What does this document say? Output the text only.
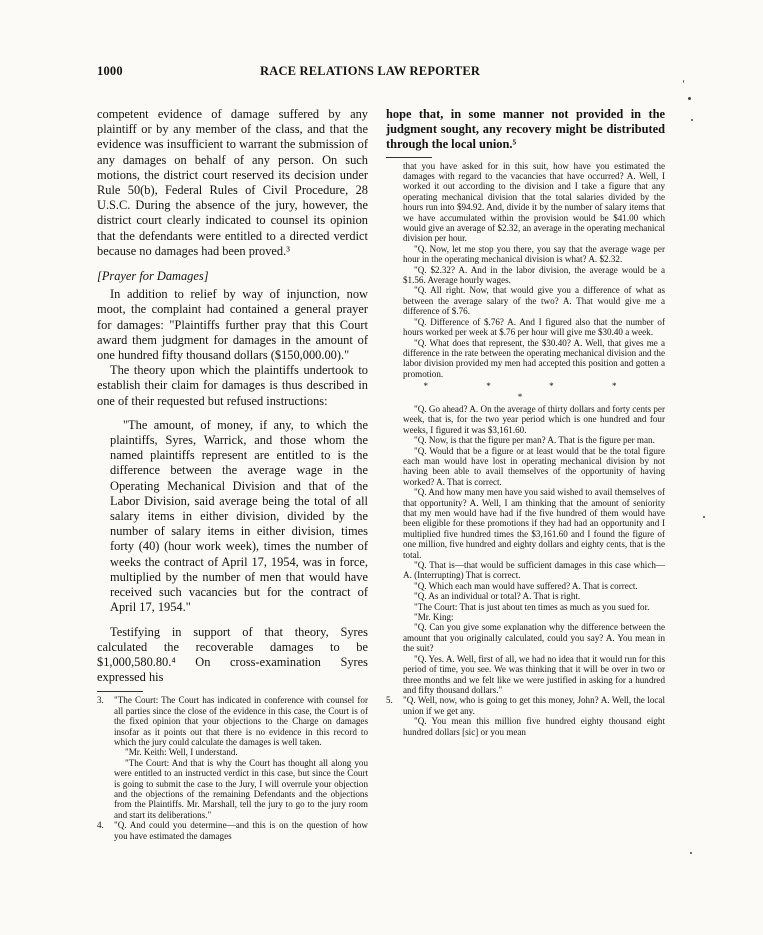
1000	RACE RELATIONS LAW REPORTER

competent evidence of damage suffered by any plaintiff or by any member of the class, and that the evidence was insufficient to warrant the submission of any damages on behalf of any person. On such motions, the district court reserved its decision under Rule 50(b), Federal Rules of Civil Procedure, 28 U.S.C. During the absence of the jury, however, the district court clearly indicated to counsel its opinion that the defendants were entitled to a directed verdict because no damages had been proved.³

[Prayer for Damages]

In addition to relief by way of injunction, now moot, the complaint had contained a general prayer for damages: "Plaintiffs further pray that this Court award them judgment for damages in the amount of one hundred fifty thousand dollars ($150,000.00)."

The theory upon which the plaintiffs undertook to establish their claim for damages is thus described in one of their requested but refused instructions:

"The amount, of money, if any, to which the plaintiffs, Syres, Warrick, and those whom the named plaintiffs represent are entitled to is the difference between the average wage in the Operating Mechanical Division and that of the Labor Division, said average being the total of all salary items in either division, divided by the number of salary items in either division, times forty (40) (hour work week), times the number of weeks the contract of April 17, 1954, was in force, multiplied by the number of men that would have received such vacancies but for the contract of April 17, 1954."

Testifying in support of that theory, Syres calculated the recoverable damages to be $1,000,580.80.⁴ On cross-examination Syres expressed his

3.	"The Court: The Court has indicated in conference with counsel for all parties since the close of the evidence in this case, the Court is of the fixed opinion that your objections to the Charge on damages insofar as it points out that there is no evidence in this record to which the jury could calculate the damages is well taken.

"Mr. Keith: Well, I understand.

"The Court: And that is why the Court has thought all along you were entitled to an instructed verdict in this case, but since the Court is going to submit the case to the Jury, I will overrule your objection and the objections of the remaining Defendants and the objections from the Plaintiffs. Mr. Marshall, tell the jury to go to the jury room and start its deliberations."

4.	"Q. And could you determine—and this is on the question of how you have estimated the damages

hope that, in some manner not provided in the judgment sought, any recovery might be distributed through the local union.⁵

that you have asked for in this suit, how have you estimated the damages with regard to the vacancies that have occurred? A. Well, I worked it out according to the division and I take a figure that any operating mechanical division that the total salaries divided by the hours run into $94.92. And, divide it by the number of salary items that we have accumulated within the provision would be $41.00 which would give an average of $2.32, an average in the operating mechanical division per hour.

"Q. Now, let me stop you there, you say that the average wage per hour in the operating mechanical division is what? A. $2.32.

"Q. $2.32? A. And in the labor division, the average would be a $1.56. Average hourly wages.

"Q. All right. Now, that would give you a difference of what as between the average salary of the two? A. That would give me a difference of $.76.

"Q. Difference of $.76? A. And I figured also that the number of hours worked per week at $.76 per hour will give me $30.40 a week.

"Q. What does that represent, the $30.40? A. Well, that gives me a difference in the rate between the operating mechanical division and the labor division provided my men had accepted this position and gotten a promotion.

* * * * *

"Q. Go ahead? A. On the average of thirty dollars and forty cents per week, that is, for the two year period which is one hundred and four weeks, I figured it was $3,161.60.

"Q. Now, is that the figure per man? A. That is the figure per man.

"Q. Would that be a figure or at least would that be the total figure each man would have lost in operating mechanical division by not having been able to avail themselves of the opportunity of having worked? A. That is correct.

"Q. And how many men have you said wished to avail themselves of that opportunity? A. Well, I am thinking that the amount of seniority that my men would have had if the five hundred of them would have been eligible for these promotions if they had had an opportunity and I multiplied five hundred times the $3,161.60 and I found the figure of one million, five hundred and eighty dollars and eighty cents, that is the total.

"Q. That is—that would be sufficient damages in this case which—A. (Interrupting) That is correct.

"Q. Which each man would have suffered? A. That is correct.

"Q. As an individual or total? A. That is right.

"The Court: That is just about ten times as much as you sued for.

"Mr. King:

"Q. Can you give some explanation why the difference between the amount that you originally calculated, could you say? A. You mean in the suit?

"Q. Yes. A. Well, first of all, we had no idea that it would run for this period of time, you see. We was thinking that it will be over in two or three months and we felt like we were justified in asking for a hundred and fifty thousand dollars."

5.	"Q. Well, now, who is going to get this money, John? A. Well, the local union if we get any.

"Q. You mean this million five hundred eighty thousand eight hundred dollars [sic] or you mean
